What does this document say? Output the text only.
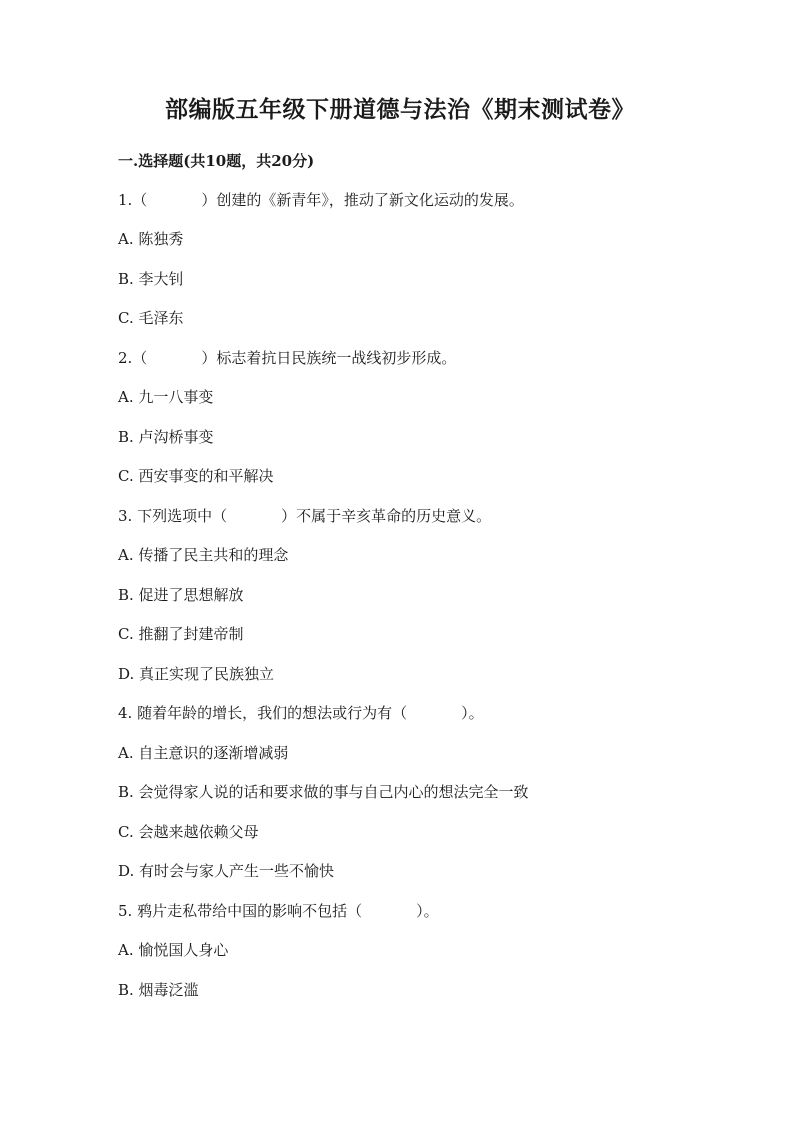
部编版五年级下册道德与法治《期末测试卷》
一.选择题(共10题，共20分)
1.（	）创建的《新青年》，推动了新文化运动的发展。
A. 陈独秀
B. 李大钊
C. 毛泽东
2.（	）标志着抗日民族统一战线初步形成。
A. 九一八事变
B. 卢沟桥事变
C. 西安事变的和平解决
3. 下列选项中（	）不属于辛亥革命的历史意义。
A. 传播了民主共和的理念
B. 促进了思想解放
C. 推翻了封建帝制
D. 真正实现了民族独立
4. 随着年龄的增长，我们的想法或行为有（	）。
A. 自主意识的逐渐增减弱
B. 会觉得家人说的话和要求做的事与自己内心的想法完全一致
C. 会越来越依赖父母
D. 有时会与家人产生一些不愉快
5. 鸦片走私带给中国的影响不包括（	）。
A. 愉悦国人身心
B. 烟毒泛滥
